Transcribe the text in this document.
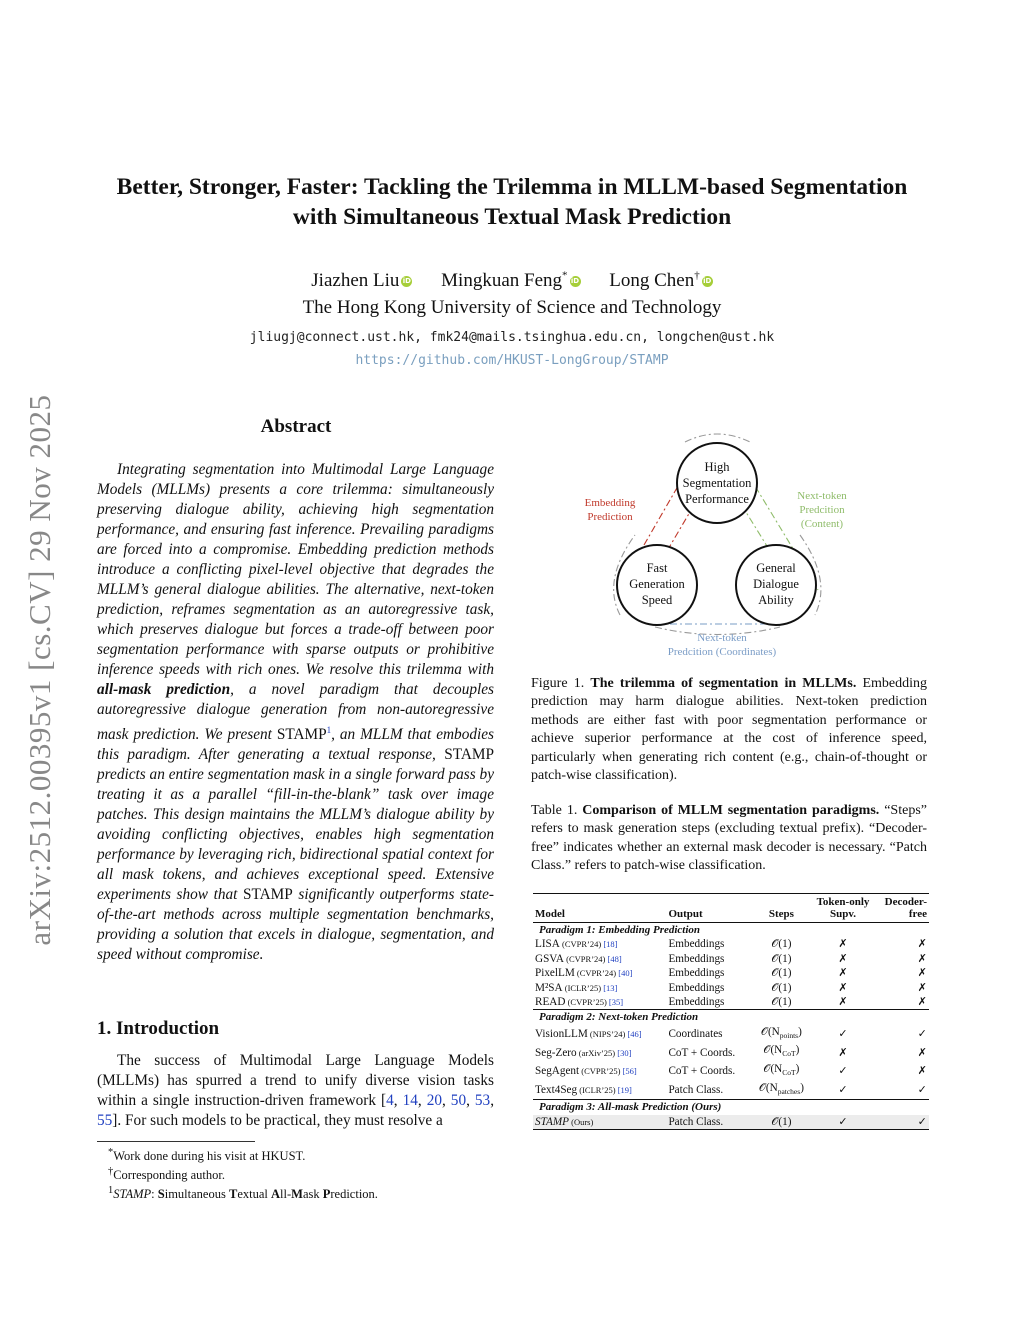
arXiv:2512.00395v1 [cs.CV] 29 Nov 2025
Better, Stronger, Faster: Tackling the Trilemma in MLLM-based Segmentation
with Simultaneous Textual Mask Prediction
Jiazhen Liu iD Mingkuan Feng* iD Long Chen† iD
The Hong Kong University of Science and Technology
jliugj@connect.ust.hk, fmk24@mails.tsinghua.edu.cn, longchen@ust.hk
https://github.com/HKUST-LongGroup/STAMP
Abstract
Integrating segmentation into Multimodal Large Language Models (MLLMs) presents a core trilemma: simultaneously preserving dialogue ability, achieving high segmentation performance, and ensuring fast inference. Prevailing paradigms are forced into a compromise. Embedding prediction methods introduce a conflicting pixel-level objective that degrades the MLLM’s general dialogue abilities. The alternative, next-token prediction, reframes segmentation as an autoregressive task, which preserves dialogue but forces a trade-off between poor segmentation performance with sparse outputs or prohibitive inference speeds with rich ones. We resolve this trilemma with all-mask prediction, a novel paradigm that decouples autoregressive dialogue generation from non-autoregressive mask prediction. We present STAMP$^1$, an MLLM that embodies this paradigm. After generating a textual response, STAMP predicts an entire segmentation mask in a single forward pass by treating it as a parallel “fill-in-the-blank” task over image patches. This design maintains the MLLM’s dialogue ability by avoiding conflicting objectives, enables high segmentation performance by leveraging rich, bidirectional spatial context for all mask tokens, and achieves exceptional speed. Extensive experiments show that STAMP significantly outperforms state-of-the-art methods across multiple segmentation benchmarks, providing a solution that excels in dialogue, segmentation, and speed without compromise.
1. Introduction
The success of Multimodal Large Language Models (MLLMs) has spurred a trend to unify diverse vision tasks within a single instruction-driven framework [4, 14, 20, 50, 53, 55]. For such models to be practical, they must resolve a
*Work done during his visit at HKUST.
†Corresponding author.
$^1$STAMP: Simultaneous Textual All-Mask Prediction.
High
Segmentation
Performance
Fast
Generation
Speed
General
Dialogue
Ability
Embedding
Prediction
Next-token
Predcition
(Content)
Next-token
Predcition (Coordinates)
Figure 1. The trilemma of segmentation in MLLMs. Embedding prediction may harm dialogue abilities. Next-token prediction methods are either fast with poor segmentation performance or achieve superior performance at the cost of inference speed, particularly when generating rich content (e.g., chain-of-thought or patch-wise classification).
Table 1. Comparison of MLLM segmentation paradigms. “Steps” refers to mask generation steps (excluding textual prefix). “Decoder-free” indicates whether an external mask decoder is necessary. “Patch Class.” refers to patch-wise classification.
Model	Output	Steps	Token-only Supv.	Decoder-free
Paradigm 1: Embedding Prediction				
LISA (CVPR’24) [18]	Embeddings	𝒪(1)	✗	✗
GSVA (CVPR’24) [48]	Embeddings	𝒪(1)	✗	✗
PixelLM (CVPR’24) [40]	Embeddings	𝒪(1)	✗	✗
M²SA (ICLR’25) [13]	Embeddings	𝒪(1)	✗	✗
READ (CVPR’25) [35]	Embeddings	𝒪(1)	✗	✗
Paradigm 2: Next-token Prediction				
VisionLLM (NIPS’24) [46]	Coordinates	$𝒪(N_{points})$	✓	✓
Seg-Zero (arXiv’25) [30]	CoT + Coords.	$𝒪(N_{CoT})$	✗	✗
SegAgent (CVPR’25) [56]	CoT + Coords.	$𝒪(N_{CoT})$	✓	✗
Text4Seg (ICLR’25) [19]	Patch Class.	$𝒪(N_{patches})$	✓	✓
Paradigm 3: All-mask Prediction (Ours)				
STAMP (Ours)	Patch Class.	𝒪(1)	✓	✓
